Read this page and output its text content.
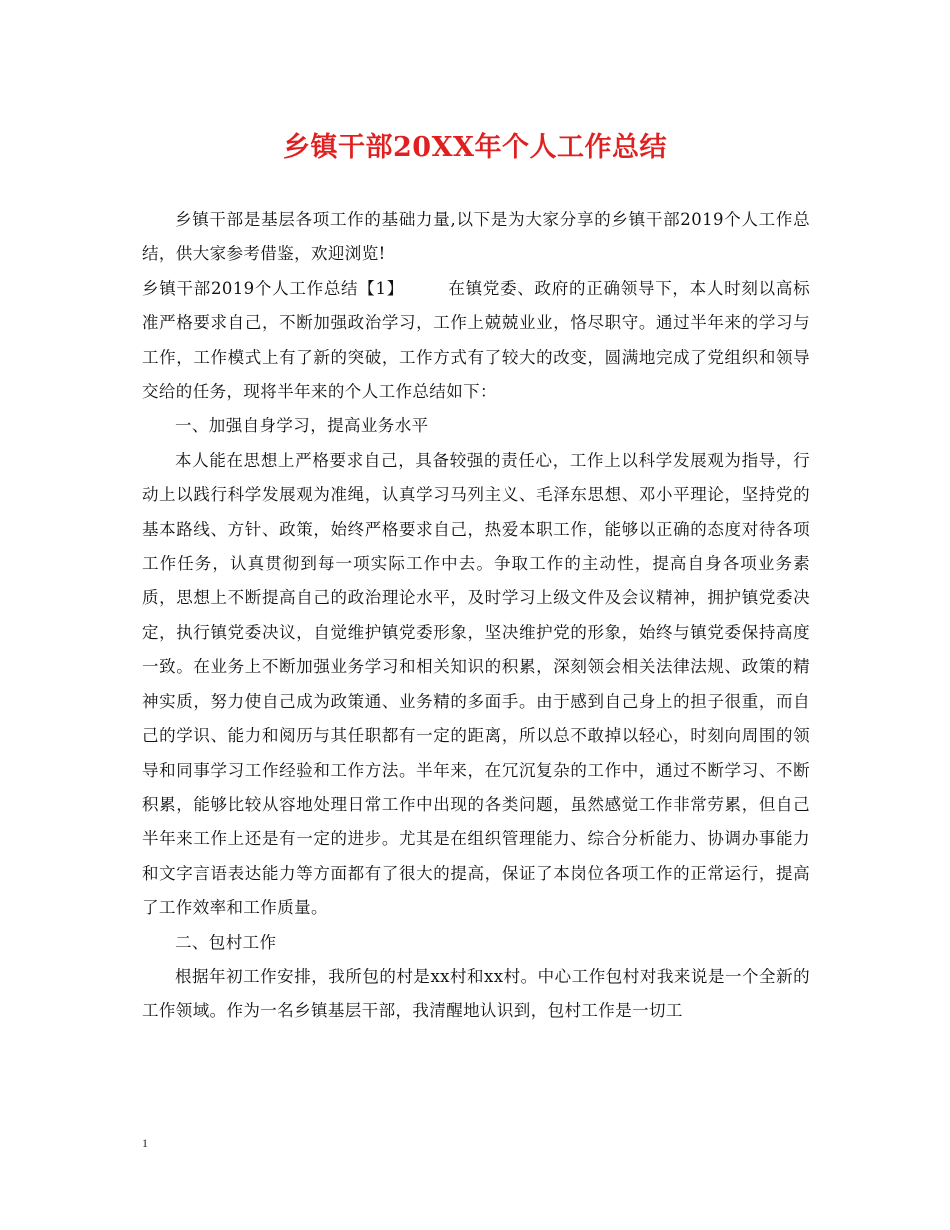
乡镇干部20XX年个人工作总结

乡镇干部是基层各项工作的基础力量,以下是为大家分享的乡镇干部2019个人工作总结，供大家参考借鉴，欢迎浏览!

乡镇干部2019个人工作总结【1】	在镇党委、政府的正确领导下，本人时刻以高标准严格要求自己，不断加强政治学习，工作上兢兢业业，恪尽职守。通过半年来的学习与工作，工作模式上有了新的突破，工作方式有了较大的改变，圆满地完成了党组织和领导交给的任务，现将半年来的个人工作总结如下：

一、加强自身学习，提高业务水平

本人能在思想上严格要求自己，具备较强的责任心，工作上以科学发展观为指导，行动上以践行科学发展观为准绳，认真学习马列主义、毛泽东思想、邓小平理论，坚持党的基本路线、方针、政策，始终严格要求自己，热爱本职工作，能够以正确的态度对待各项工作任务，认真贯彻到每一项实际工作中去。争取工作的主动性，提高自身各项业务素质，思想上不断提高自己的政治理论水平，及时学习上级文件及会议精神，拥护镇党委决定，执行镇党委决议，自觉维护镇党委形象，坚决维护党的形象，始终与镇党委保持高度一致。在业务上不断加强业务学习和相关知识的积累，深刻领会相关法律法规、政策的精神实质，努力使自己成为政策通、业务精的多面手。由于感到自己身上的担子很重，而自己的学识、能力和阅历与其任职都有一定的距离，所以总不敢掉以轻心，时刻向周围的领导和同事学习工作经验和工作方法。半年来，在冗沉复杂的工作中，通过不断学习、不断积累，能够比较从容地处理日常工作中出现的各类问题，虽然感觉工作非常劳累，但自己半年来工作上还是有一定的进步。尤其是在组织管理能力、综合分析能力、协调办事能力和文字言语表达能力等方面都有了很大的提高，保证了本岗位各项工作的正常运行，提高了工作效率和工作质量。

二、包村工作

根据年初工作安排，我所包的村是xx村和xx村。中心工作包村对我来说是一个全新的工作领域。作为一名乡镇基层干部，我清醒地认识到，包村工作是一切工

1
